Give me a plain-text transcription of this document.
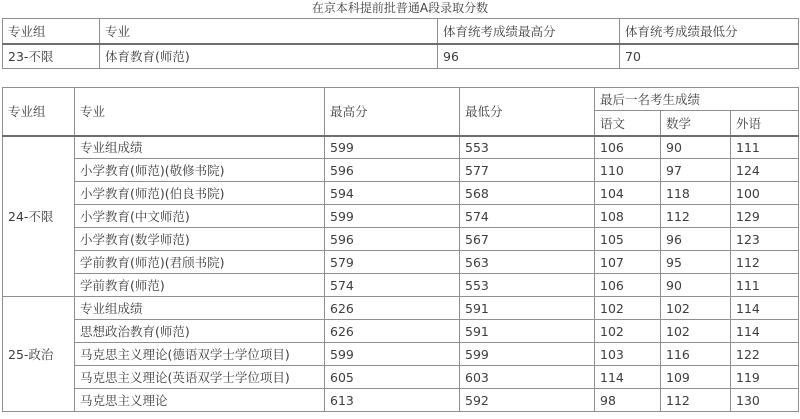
在京本科提前批普通A段录取分数
专业组	专业	体育统考成绩最高分	体育统考成绩最低分
23-不限	体育教育(师范)	96	70
专业组	专业	最高分	最低分	最后一名考生成绩		
				语文	数学	外语
24-不限	专业组成绩	599	553	106	90	111
	小学教育(师范)(敬修书院)	596	577	110	97	124
	小学教育(师范)(伯良书院)	594	568	104	118	100
	小学教育(中文师范)	599	574	108	112	129
	小学教育(数学师范)	596	567	105	96	123
	学前教育(师范)(君颀书院)	579	563	107	95	112
	学前教育(师范)	574	553	106	90	111
25-政治	专业组成绩	626	591	102	102	114
	思想政治教育(师范)	626	591	102	102	114
	马克思主义理论(德语双学士学位项目)	599	599	103	116	122
	马克思主义理论(英语双学士学位项目)	605	603	114	109	119
	马克思主义理论	613	592	98	112	130
